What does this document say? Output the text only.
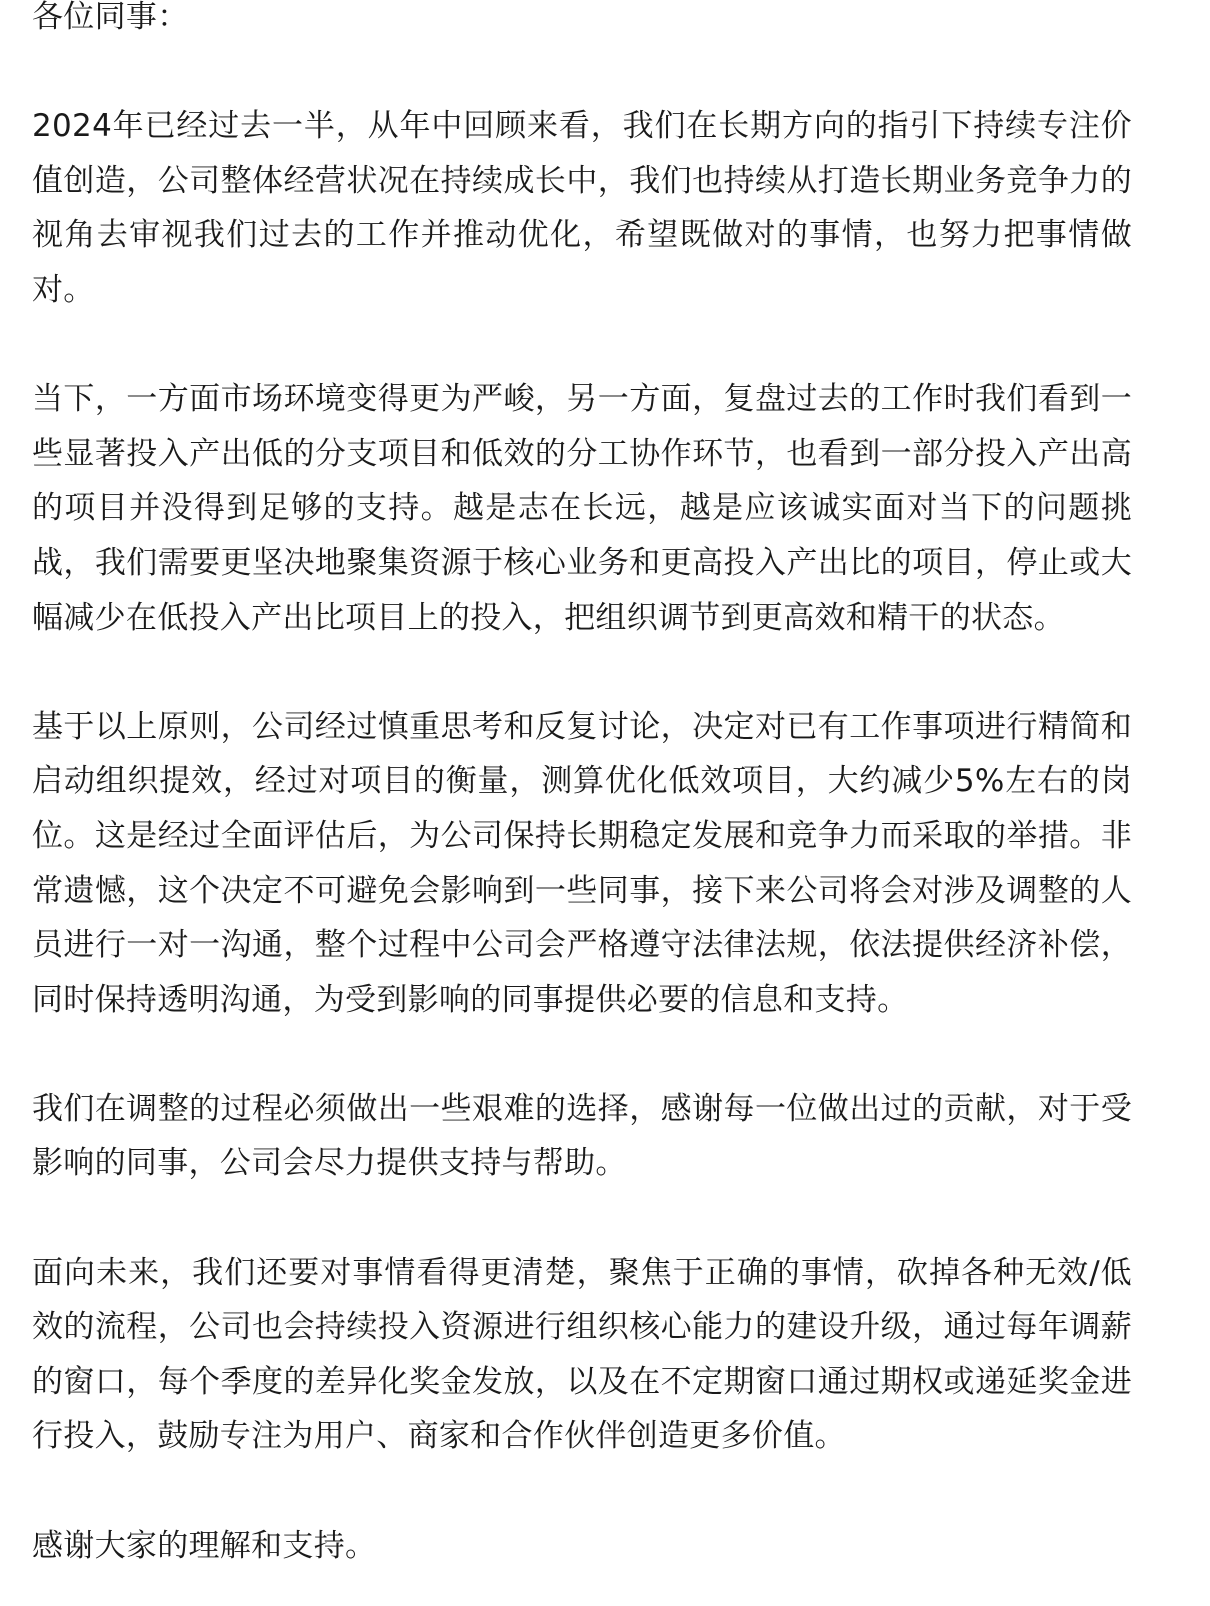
各位同事：

2024年已经过去一半，从年中回顾来看，我们在长期方向的指引下持续专注价值创造，公司整体经营状况在持续成长中，我们也持续从打造长期业务竞争力的视角去审视我们过去的工作并推动优化，希望既做对的事情，也努力把事情做对。

当下，一方面市场环境变得更为严峻，另一方面，复盘过去的工作时我们看到一些显著投入产出低的分支项目和低效的分工协作环节，也看到一部分投入产出高的项目并没得到足够的支持。越是志在长远，越是应该诚实面对当下的问题挑战，我们需要更坚决地聚集资源于核心业务和更高投入产出比的项目，停止或大幅减少在低投入产出比项目上的投入，把组织调节到更高效和精干的状态。

基于以上原则，公司经过慎重思考和反复讨论，决定对已有工作事项进行精简和启动组织提效，经过对项目的衡量，测算优化低效项目，大约减少5%左右的岗位。这是经过全面评估后，为公司保持长期稳定发展和竞争力而采取的举措。非常遗憾，这个决定不可避免会影响到一些同事，接下来公司将会对涉及调整的人员进行一对一沟通，整个过程中公司会严格遵守法律法规，依法提供经济补偿，同时保持透明沟通，为受到影响的同事提供必要的信息和支持。

我们在调整的过程必须做出一些艰难的选择，感谢每一位做出过的贡献，对于受影响的同事，公司会尽力提供支持与帮助。

面向未来，我们还要对事情看得更清楚，聚焦于正确的事情，砍掉各种无效/低效的流程，公司也会持续投入资源进行组织核心能力的建设升级，通过每年调薪的窗口，每个季度的差异化奖金发放，以及在不定期窗口通过期权或递延奖金进行投入，鼓励专注为用户、商家和合作伙伴创造更多价值。

感谢大家的理解和支持。
